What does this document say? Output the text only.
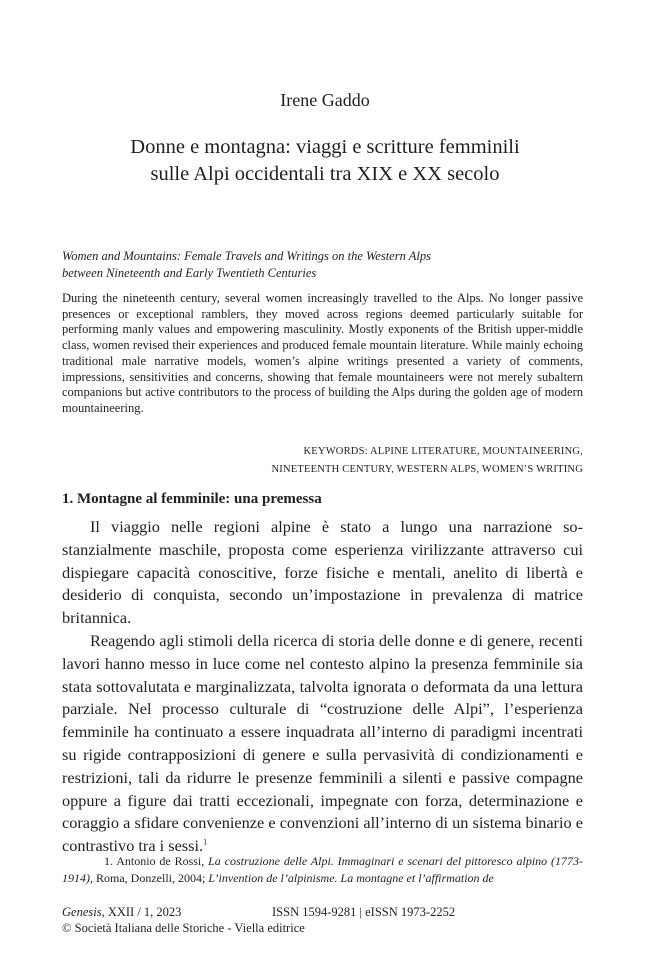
Irene Gaddo
Donne e montagna: viaggi e scritture femminili
sulle Alpi occidentali tra XIX e XX secolo
Women and Mountains: Female Travels and Writings on the Western Alps
between Nineteenth and Early Twentieth Centuries
During the nineteenth century, several women increasingly travelled to the Alps. No longer passive presences or exceptional ramblers, they moved across regions deemed particularly suitable for performing manly values and empowering masculinity. Mostly exponents of the British upper-middle class, women revised their experiences and produced female mountain literature. While mainly echoing traditional male narrative models, women’s alpine writings presented a variety of comments, impressions, sensitivities and concerns, showing that female mountaineers were not merely subaltern companions but active contributors to the process of building the Alps during the golden age of modern mountaineering.
KEYWORDS: ALPINE LITERATURE, MOUNTAINEERING,
NINETEENTH CENTURY, WESTERN ALPS, WOMEN’S WRITING
1. Montagne al femminile: una premessa

Il viaggio nelle regioni alpine è stato a lungo una narrazione sostanzialmente maschile, proposta come esperienza virilizzante attraverso cui dispiegare capacità conoscitive, forze fisiche e mentali, anelito di libertà e desiderio di conquista, secondo un’impostazione in prevalenza di matrice britannica.

Reagendo agli stimoli della ricerca di storia delle donne e di genere, recenti lavori hanno messo in luce come nel contesto alpino la presenza femminile sia stata sottovalutata e marginalizzata, talvolta ignorata o deformata da una lettura parziale. Nel processo culturale di “costruzione delle Alpi”, l’esperienza femminile ha continuato a essere inquadrata all’interno di paradigmi incentrati su rigide contrapposizioni di genere e sulla pervasività di condizionamenti e restrizioni, tali da ridurre le presenze femminili a silenti e passive compagne oppure a figure dai tratti eccezionali, impegnate con forza, determinazione e coraggio a sfidare convenienze e convenzioni all’interno di un sistema binario e contrastivo tra i sessi.$^1$

1. Antonio de Rossi, La costruzione delle Alpi. Immaginari e scenari del pittoresco alpino (1773-1914), Roma, Donzelli, 2004; L’invention de l’alpinisme. La montagne et l’affirmation de
Genesis, XXII / 1, 2023	ISSN 1594-9281 | eISSN 1973-2252
© Società Italiana delle Storiche - Viella editrice
